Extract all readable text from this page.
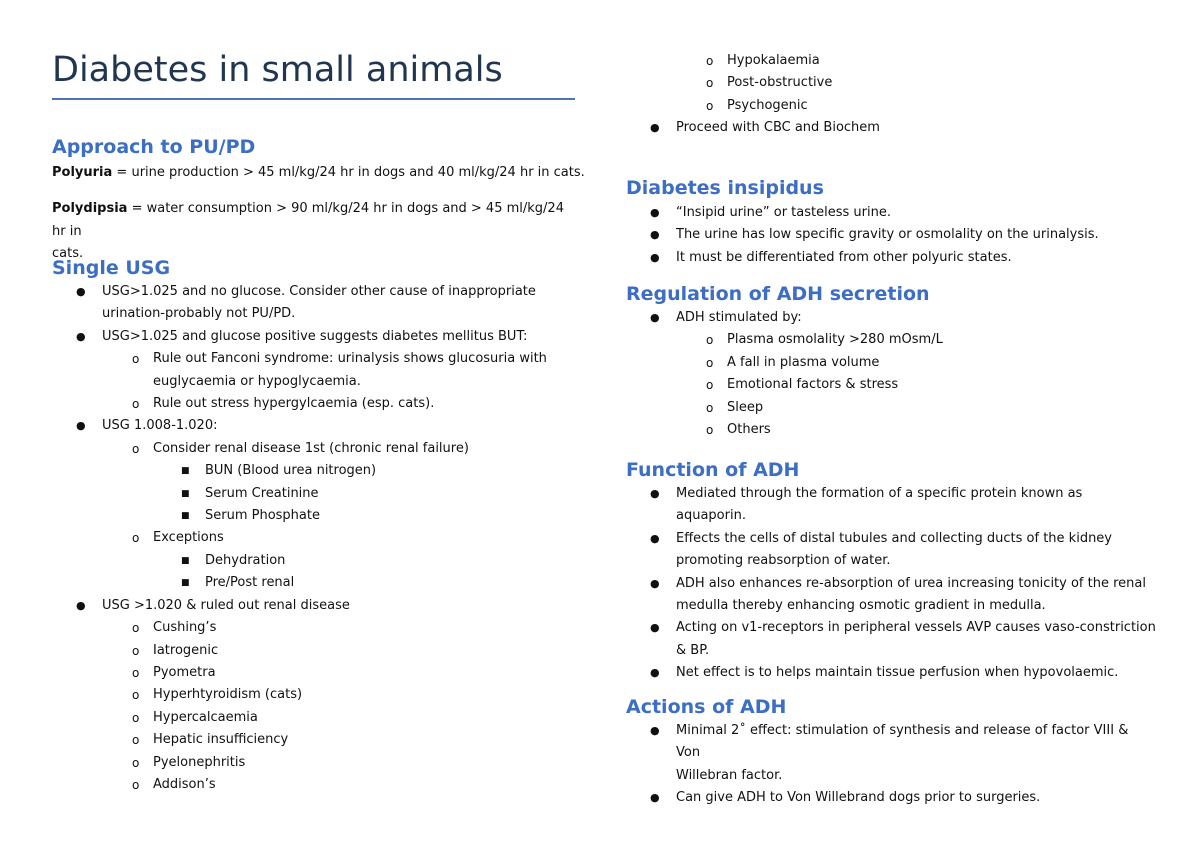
Diabetes in small animals
Approach to PU/PD
Polyuria = urine production > 45 ml/kg/24 hr in dogs and 40 ml/kg/24 hr in cats.
Polydipsia = water consumption > 90 ml/kg/24 hr in dogs and > 45 ml/kg/24 hr in
cats.
Single USG
● USG>1.025 and no glucose. Consider other cause of inappropriate
urination-probably not PU/PD.
● USG>1.025 and glucose positive suggests diabetes mellitus BUT:
o Rule out Fanconi syndrome: urinalysis shows glucosuria with
euglycaemia or hypoglycaemia.
o Rule out stress hypergylcaemia (esp. cats).
● USG 1.008-1.020:
o Consider renal disease 1st (chronic renal failure)
■ BUN (Blood urea nitrogen)
■ Serum Creatinine
■ Serum Phosphate
o Exceptions
■ Dehydration
■ Pre/Post renal
● USG >1.020 & ruled out renal disease
o Cushing’s
o Iatrogenic
o Pyometra
o Hyperhtyroidism (cats)
o Hypercalcaemia
o Hepatic insufficiency
o Pyelonephritis
o Addison’s
o Hypokalaemia
o Post-obstructive
o Psychogenic
● Proceed with CBC and Biochem
Diabetes insipidus
● “Insipid urine” or tasteless urine.
● The urine has low specific gravity or osmolality on the urinalysis.
● It must be differentiated from other polyuric states.
Regulation of ADH secretion
● ADH stimulated by:
o Plasma osmolality >280 mOsm/L
o A fall in plasma volume
o Emotional factors & stress
o Sleep
o Others
Function of ADH
● Mediated through the formation of a specific protein known as
aquaporin.
● Effects the cells of distal tubules and collecting ducts of the kidney
promoting reabsorption of water.
● ADH also enhances re-absorption of urea increasing tonicity of the renal
medulla thereby enhancing osmotic gradient in medulla.
● Acting on v1-receptors in peripheral vessels AVP causes vaso-constriction
& BP.
● Net effect is to helps maintain tissue perfusion when hypovolaemic.
Actions of ADH
● Minimal 2˚ effect: stimulation of synthesis and release of factor VIII & Von
Willebran factor.
● Can give ADH to Von Willebrand dogs prior to surgeries.
